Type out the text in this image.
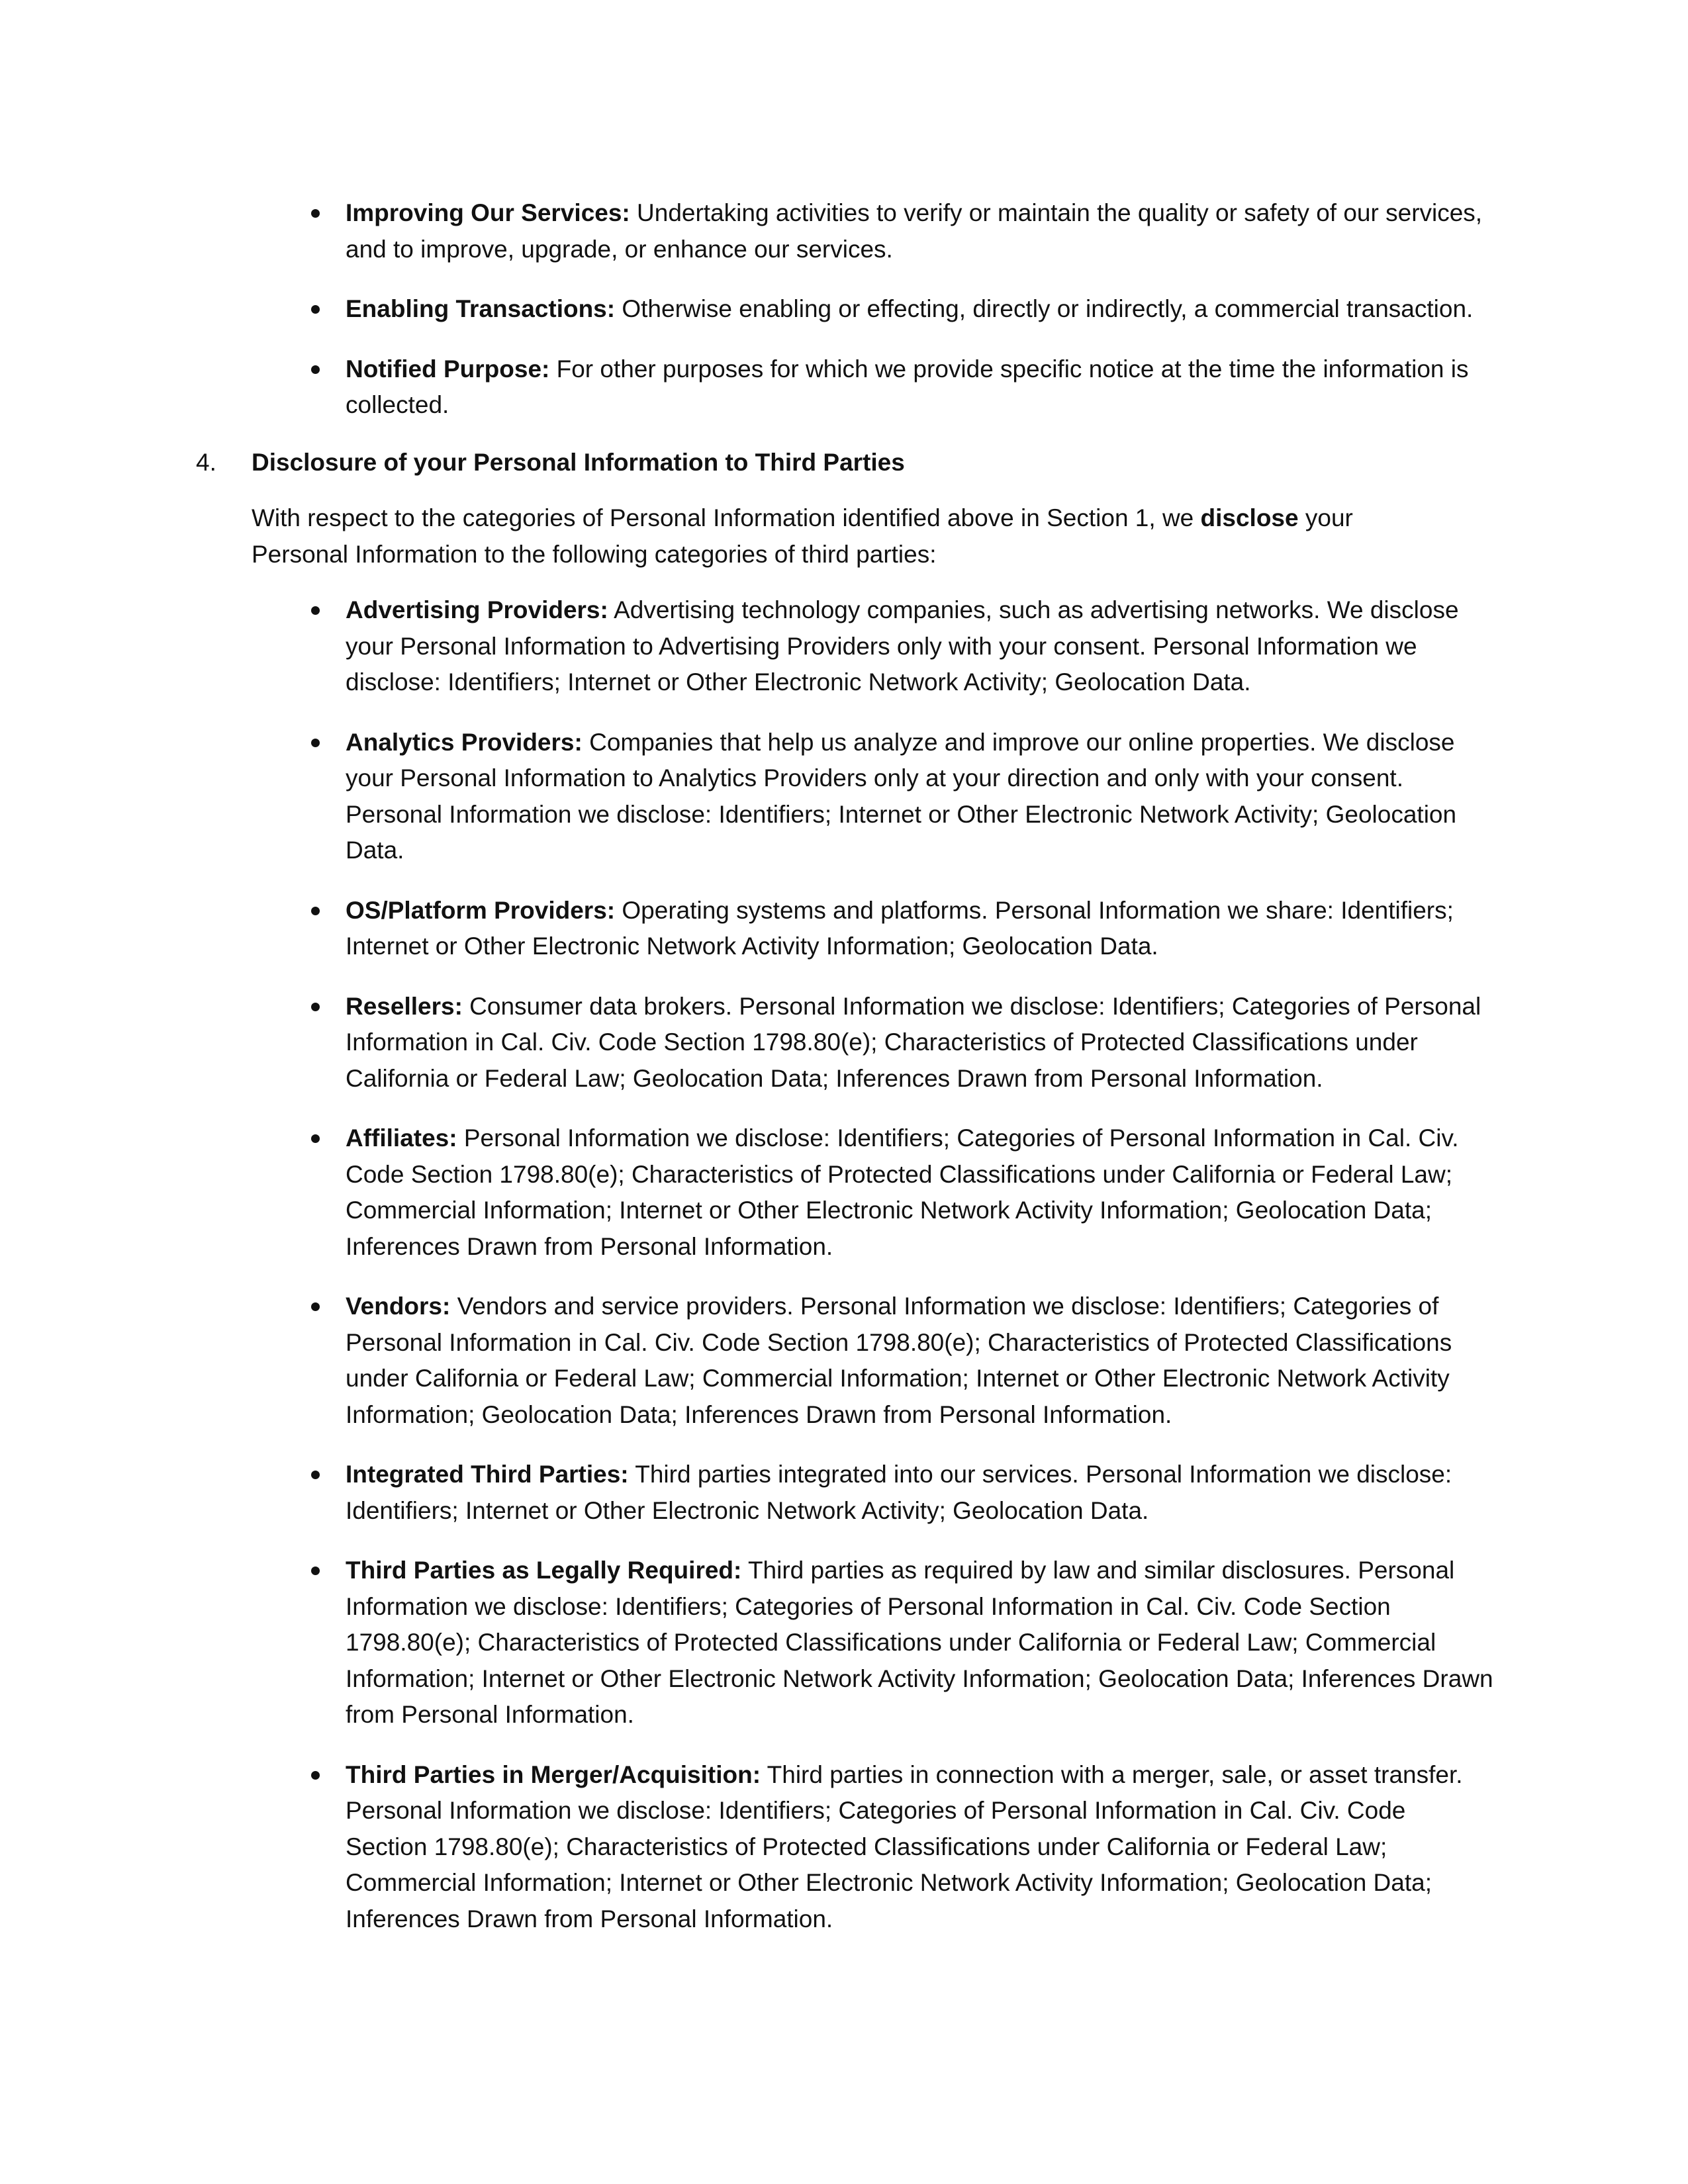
Improving Our Services: Undertaking activities to verify or maintain the quality or safety of our services, and to improve, upgrade, or enhance our services.
Enabling Transactions: Otherwise enabling or effecting, directly or indirectly, a commercial transaction.
Notified Purpose: For other purposes for which we provide specific notice at the time the information is collected.
4.	Disclosure of your Personal Information to Third Parties

With respect to the categories of Personal Information identified above in Section 1, we disclose your Personal Information to the following categories of third parties:

Advertising Providers: Advertising technology companies, such as advertising networks. We disclose your Personal Information to Advertising Providers only with your consent. Personal Information we disclose: Identifiers; Internet or Other Electronic Network Activity; Geolocation Data.
Analytics Providers: Companies that help us analyze and improve our online properties. We disclose your Personal Information to Analytics Providers only at your direction and only with your consent. Personal Information we disclose: Identifiers; Internet or Other Electronic Network Activity; Geolocation Data.
OS/Platform Providers: Operating systems and platforms. Personal Information we share: Identifiers; Internet or Other Electronic Network Activity Information; Geolocation Data.
Resellers: Consumer data brokers. Personal Information we disclose: Identifiers; Categories of Personal Information in Cal. Civ. Code Section 1798.80(e); Characteristics of Protected Classifications under California or Federal Law; Geolocation Data; Inferences Drawn from Personal Information.
Affiliates: Personal Information we disclose: Identifiers; Categories of Personal Information in Cal. Civ. Code Section 1798.80(e); Characteristics of Protected Classifications under California or Federal Law; Commercial Information; Internet or Other Electronic Network Activity Information; Geolocation Data; Inferences Drawn from Personal Information.
Vendors: Vendors and service providers. Personal Information we disclose: Identifiers; Categories of Personal Information in Cal. Civ. Code Section 1798.80(e); Characteristics of Protected Classifications under California or Federal Law; Commercial Information; Internet or Other Electronic Network Activity Information; Geolocation Data; Inferences Drawn from Personal Information.
Integrated Third Parties: Third parties integrated into our services. Personal Information we disclose: Identifiers; Internet or Other Electronic Network Activity; Geolocation Data.
Third Parties as Legally Required: Third parties as required by law and similar disclosures. Personal Information we disclose: Identifiers; Categories of Personal Information in Cal. Civ. Code Section 1798.80(e); Characteristics of Protected Classifications under California or Federal Law; Commercial Information; Internet or Other Electronic Network Activity Information; Geolocation Data; Inferences Drawn from Personal Information.
Third Parties in Merger/Acquisition: Third parties in connection with a merger, sale, or asset transfer. Personal Information we disclose: Identifiers; Categories of Personal Information in Cal. Civ. Code Section 1798.80(e); Characteristics of Protected Classifications under California or Federal Law; Commercial Information; Internet or Other Electronic Network Activity Information; Geolocation Data; Inferences Drawn from Personal Information.
